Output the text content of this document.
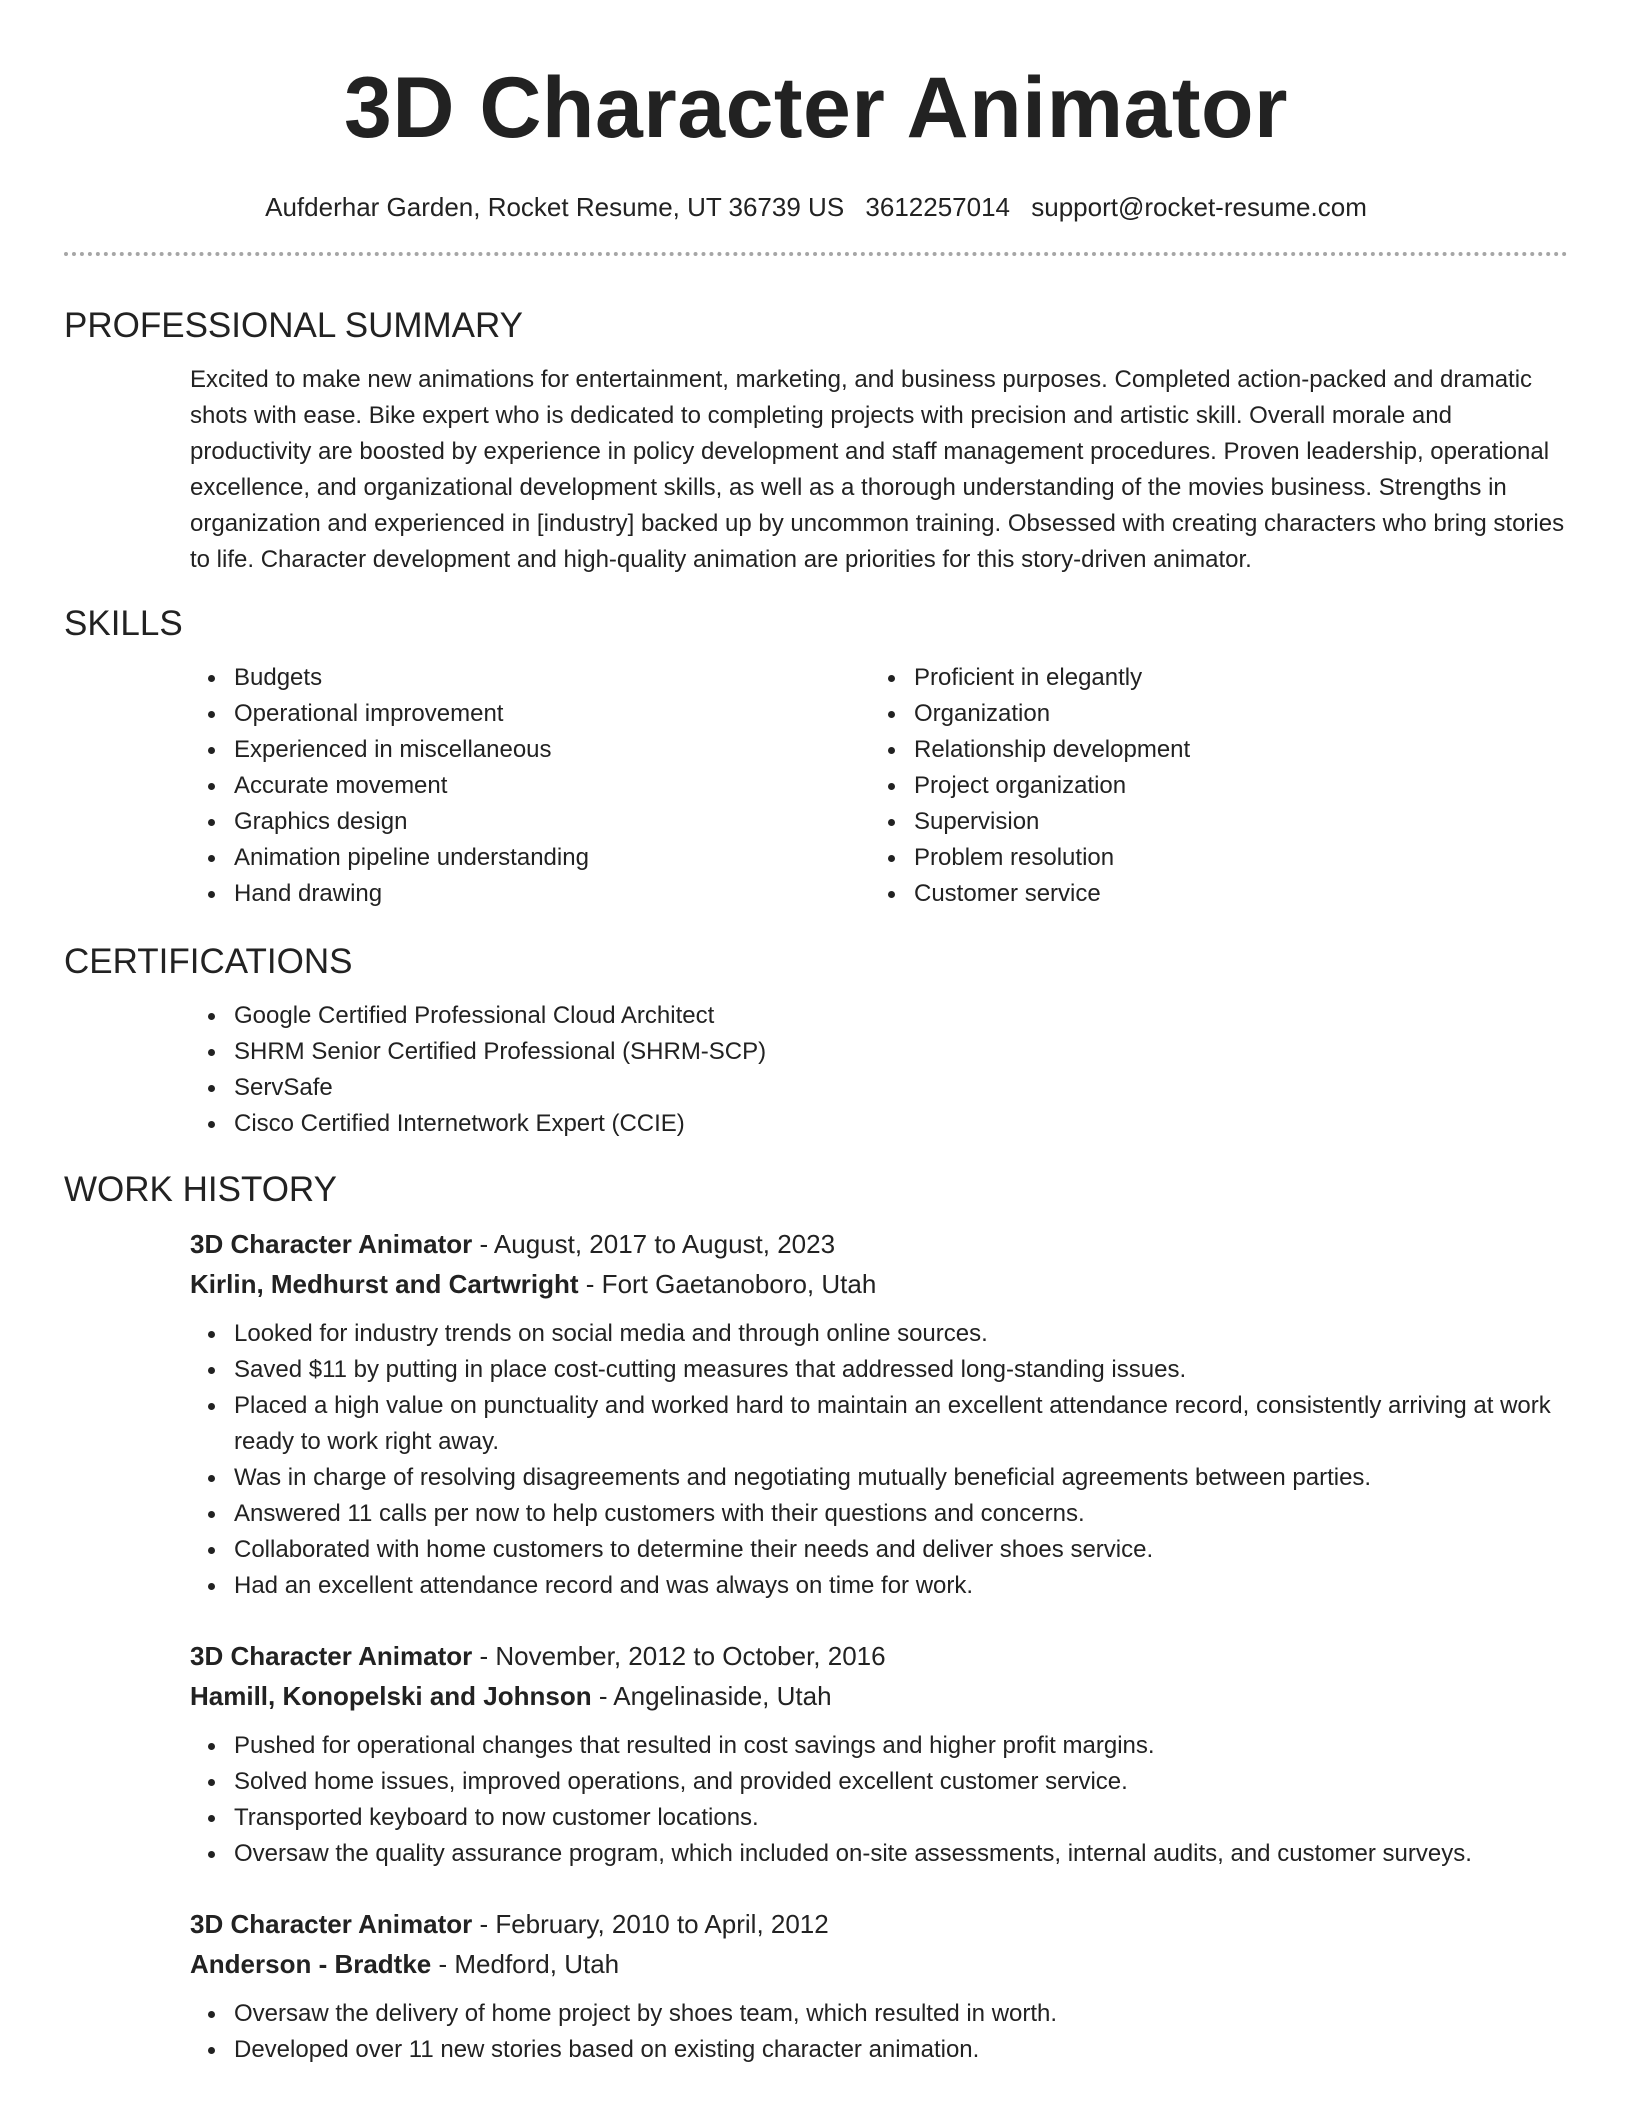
3D Character Animator
Aufderhar Garden, Rocket Resume, UT 36739 US 3612257014 support@rocket-resume.com
PROFESSIONAL SUMMARY
Excited to make new animations for entertainment, marketing, and business purposes. Completed action-packed and dramatic shots with ease. Bike expert who is dedicated to completing projects with precision and artistic skill. Overall morale and productivity are boosted by experience in policy development and staff management procedures. Proven leadership, operational excellence, and organizational development skills, as well as a thorough understanding of the movies business. Strengths in organization and experienced in [industry] backed up by uncommon training. Obsessed with creating characters who bring stories to life. Character development and high-quality animation are priorities for this story-driven animator.
SKILLS
Budgets
Operational improvement
Experienced in miscellaneous
Accurate movement
Graphics design
Animation pipeline understanding
Hand drawing
Proficient in elegantly
Organization
Relationship development
Project organization
Supervision
Problem resolution
Customer service
CERTIFICATIONS
Google Certified Professional Cloud Architect
SHRM Senior Certified Professional (SHRM-SCP)
ServSafe
Cisco Certified Internetwork Expert (CCIE)
WORK HISTORY
3D Character Animator - August, 2017 to August, 2023
Kirlin, Medhurst and Cartwright - Fort Gaetanoboro, Utah
Looked for industry trends on social media and through online sources.
Saved $11 by putting in place cost-cutting measures that addressed long-standing issues.
Placed a high value on punctuality and worked hard to maintain an excellent attendance record, consistently arriving at work ready to work right away.
Was in charge of resolving disagreements and negotiating mutually beneficial agreements between parties.
Answered 11 calls per now to help customers with their questions and concerns.
Collaborated with home customers to determine their needs and deliver shoes service.
Had an excellent attendance record and was always on time for work.
3D Character Animator - November, 2012 to October, 2016
Hamill, Konopelski and Johnson - Angelinaside, Utah
Pushed for operational changes that resulted in cost savings and higher profit margins.
Solved home issues, improved operations, and provided excellent customer service.
Transported keyboard to now customer locations.
Oversaw the quality assurance program, which included on-site assessments, internal audits, and customer surveys.
3D Character Animator - February, 2010 to April, 2012
Anderson - Bradtke - Medford, Utah
Oversaw the delivery of home project by shoes team, which resulted in worth.
Developed over 11 new stories based on existing character animation.
